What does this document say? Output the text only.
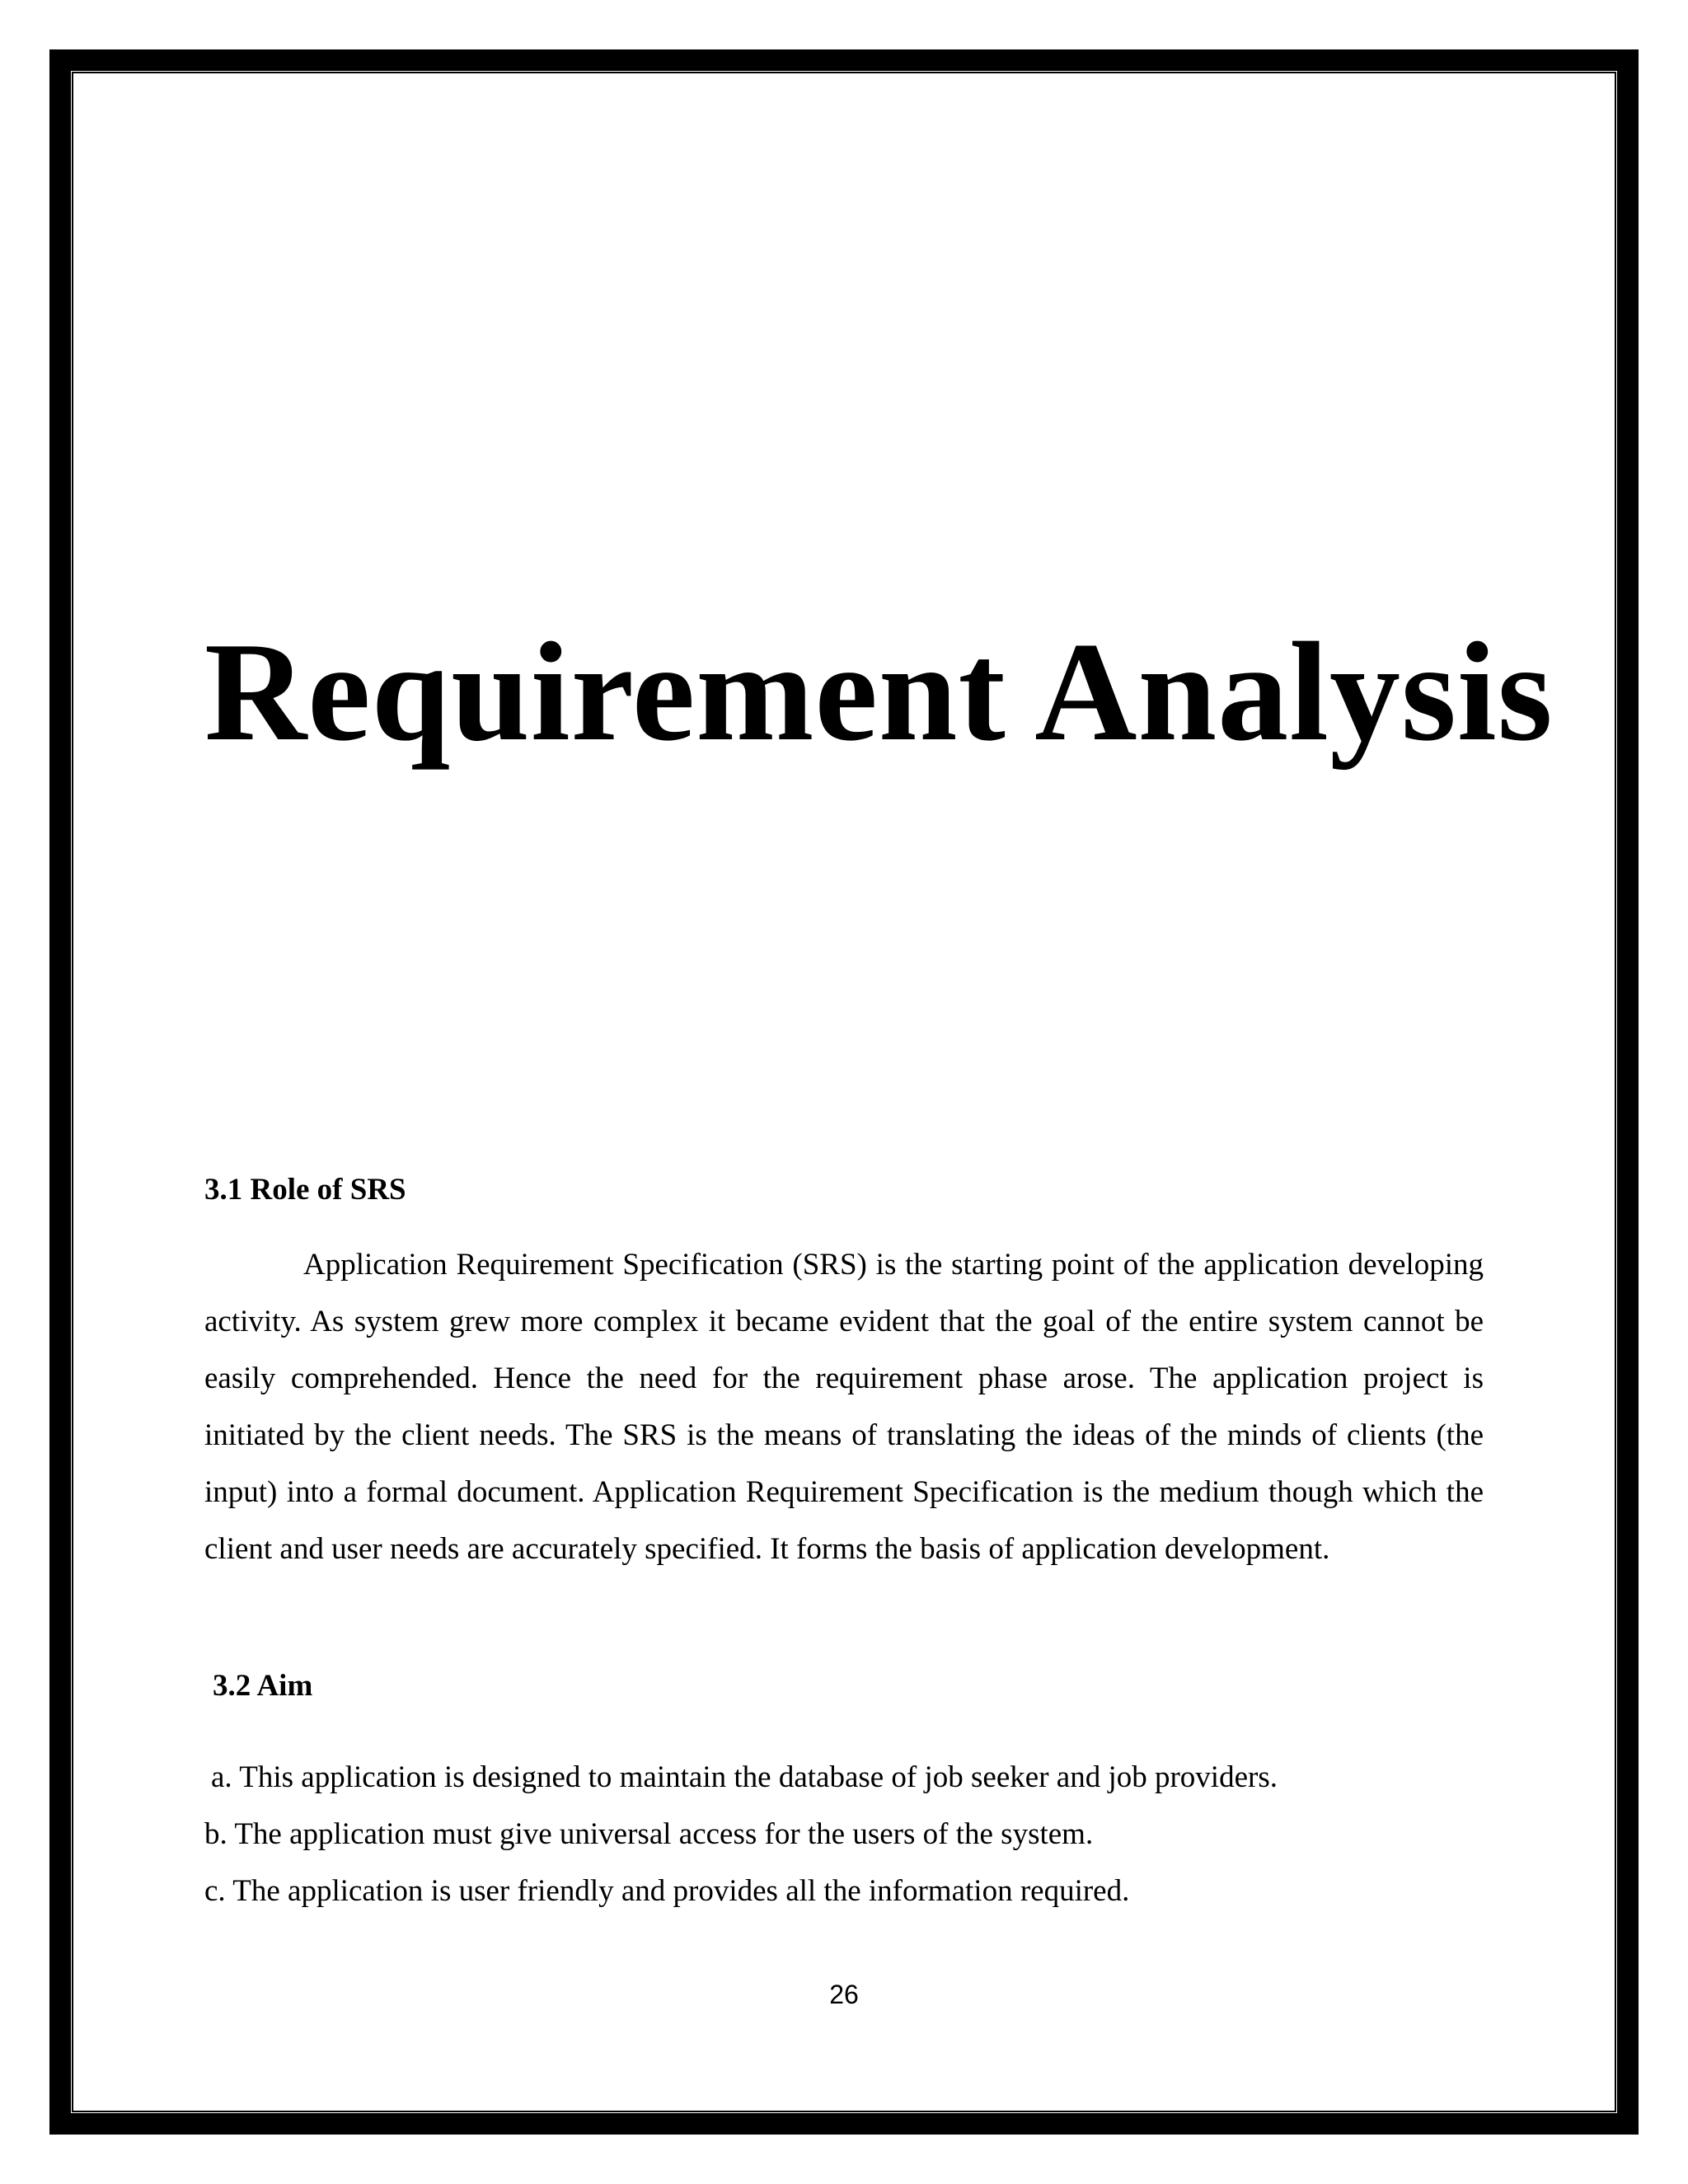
Requirement Analysis
3.1 Role of SRS

Application Requirement Specification (SRS) is the starting point of the application developing activity. As system grew more complex it became evident that the goal of the entire system cannot be easily comprehended. Hence the need for the requirement phase arose. The application project is initiated by the client needs. The SRS is the means of translating the ideas of the minds of clients (the input) into a formal document. Application Requirement Specification is the medium though which the client and user needs are accurately specified. It forms the basis of application development.

3.2 Aim
a. This application is designed to maintain the database of job seeker and job providers.
b. The application must give universal access for the users of the system.
c. The application is user friendly and provides all the information required.

26
